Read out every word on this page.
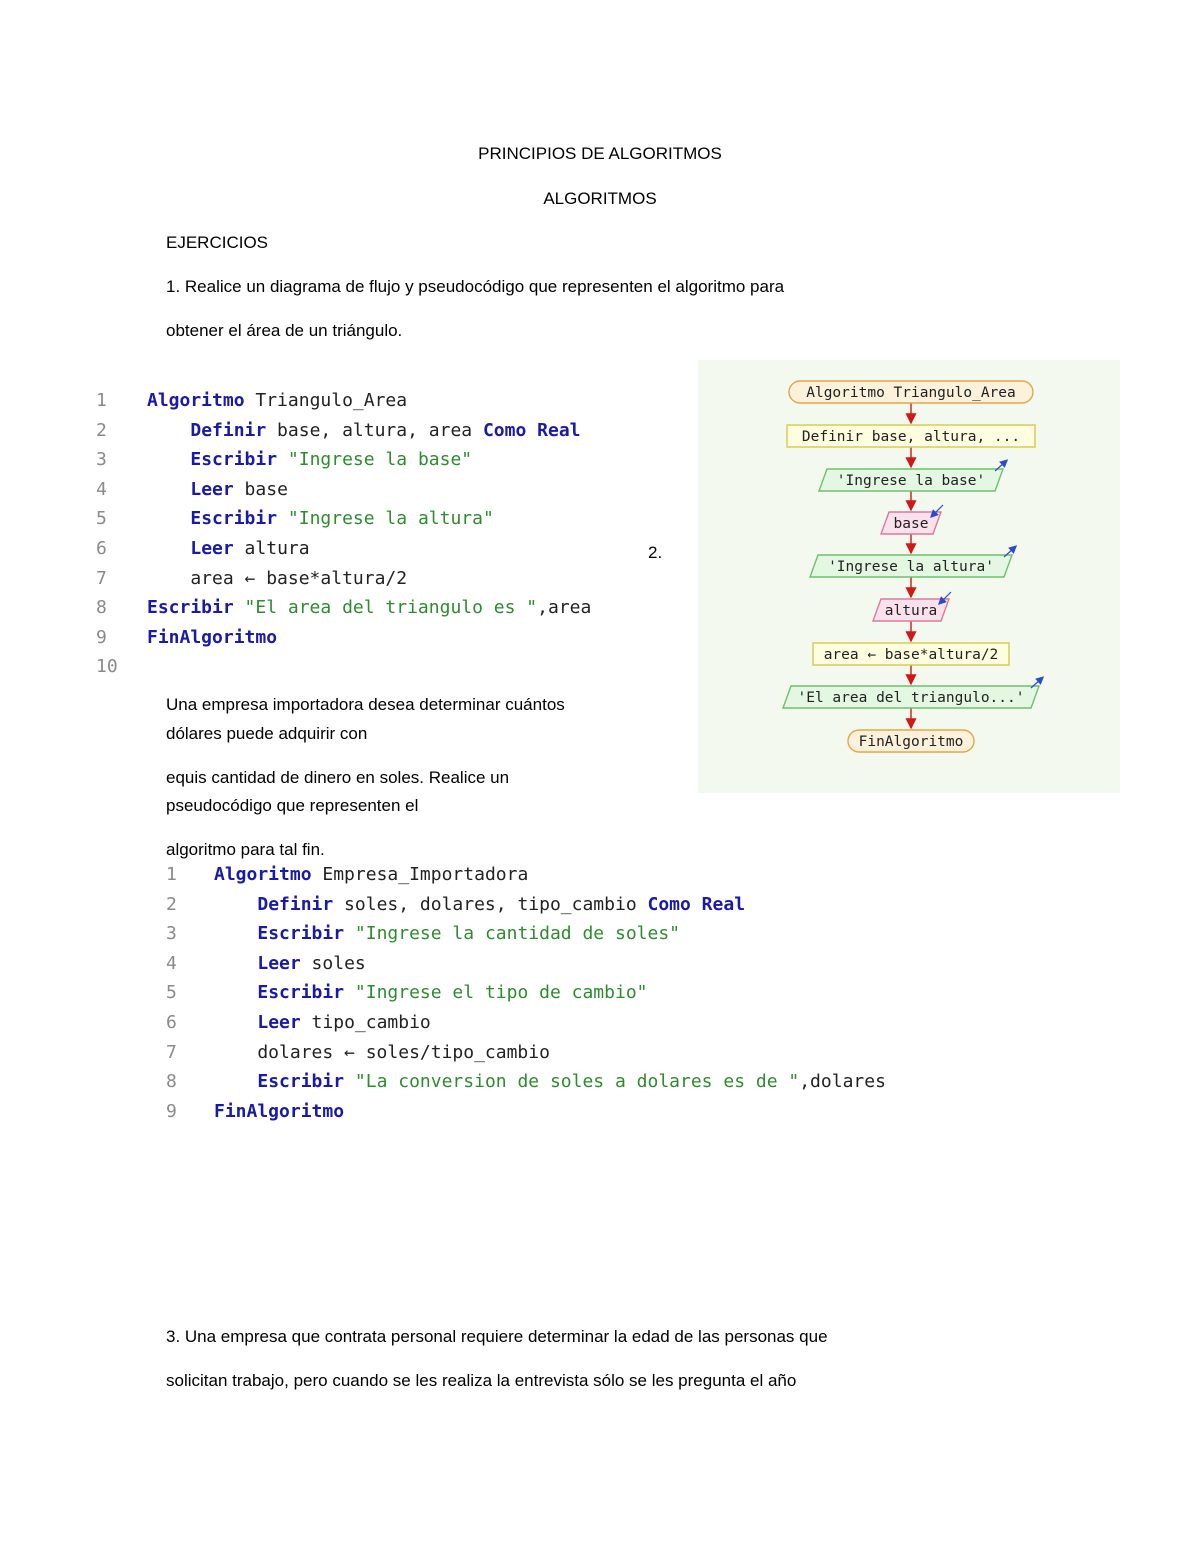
PRINCIPIOS DE ALGORITMOS
ALGORITMOS
EJERCICIOS
1. Realice un diagrama de flujo y pseudocódigo que representen el algoritmo para
obtener el área de un triángulo.
1 Algoritmo Triangulo_Area
2	Definir base, altura, area Como Real
3	Escribir "Ingrese la base"
4	Leer base
5	Escribir "Ingrese la altura"
6	Leer altura
7    area ← base*altura/2
8 Escribir "El area del triangulo es ",area
9 FinAlgoritmo
10
2.
Algoritmo Triangulo_Area
Definir base, altura, ...
'Ingrese la base'
base
'Ingrese la altura'
altura
area ← base*altura/2
'El area del triangulo...'
FinAlgoritmo
Una empresa importadora desea determinar cuántos
dólares puede adquirir con
equis cantidad de dinero en soles. Realice un
pseudocódigo que representen el
algoritmo para tal fin.
1 Algoritmo Empresa_Importadora
2	Definir soles, dolares, tipo_cambio Como Real
3	Escribir "Ingrese la cantidad de soles"
4	Leer soles
5	Escribir "Ingrese el tipo de cambio"
6	Leer tipo_cambio
7    dolares ← soles/tipo_cambio
8	Escribir "La conversion de soles a dolares es de ",dolares
9 FinAlgoritmo
3. Una empresa que contrata personal requiere determinar la edad de las personas que
solicitan trabajo, pero cuando se les realiza la entrevista sólo se les pregunta el año
